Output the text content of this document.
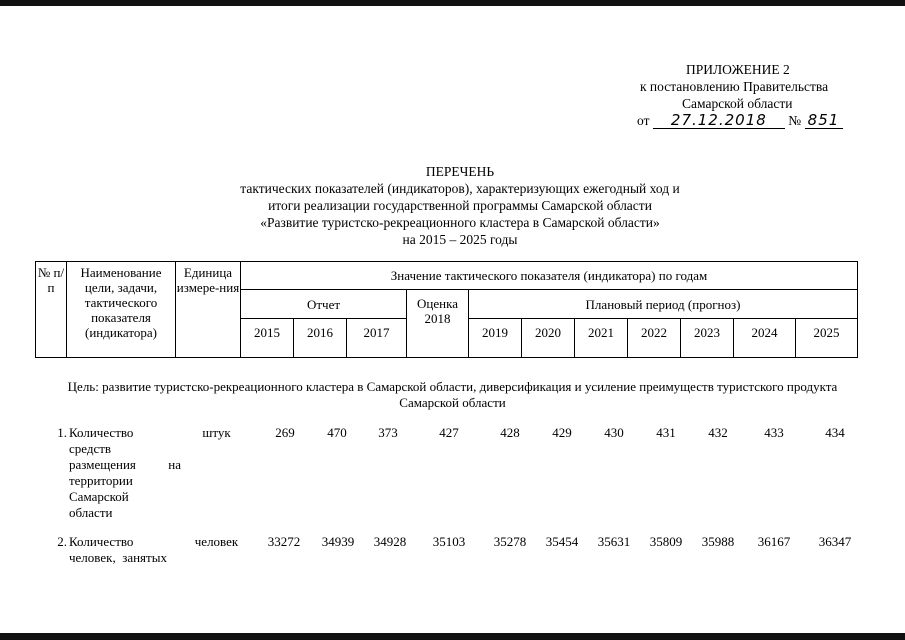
ПРИЛОЖЕНИЕ 2
к постановлению Правительства
Самарской области
от 27.12.2018 № 851
ПЕРЕЧЕНЬ
тактических показателей (индикаторов), характеризующих ежегодный ход и
итоги реализации государственной программы Самарской области
«Развитие туристско-рекреационного кластера в Самарской области»
на 2015 – 2025 годы
№ п/п	Наименование цели, задачи, тактического показателя (индикатора)	Единица измере-ния	Значение тактического показателя (индикатора) по годам										
			Отчет			Оценка 2018	Плановый период (прогноз)						
			2015	2016	2017		2019	2020	2021	2022	2023	2024	2025
Цель: развитие туристско-рекреационного кластера в Самарской области, диверсификация и усиление преимуществ туристского продукта Самарской области
1. Количество
средств
размещения на
территории
Самарской
области
штук	269	470	373	427	428	429	430	431	432	433	434
2. Количество
человек,  занятых
человек	33272	34939	34928	35103	35278	35454	35631	35809	35988	36167	36347
